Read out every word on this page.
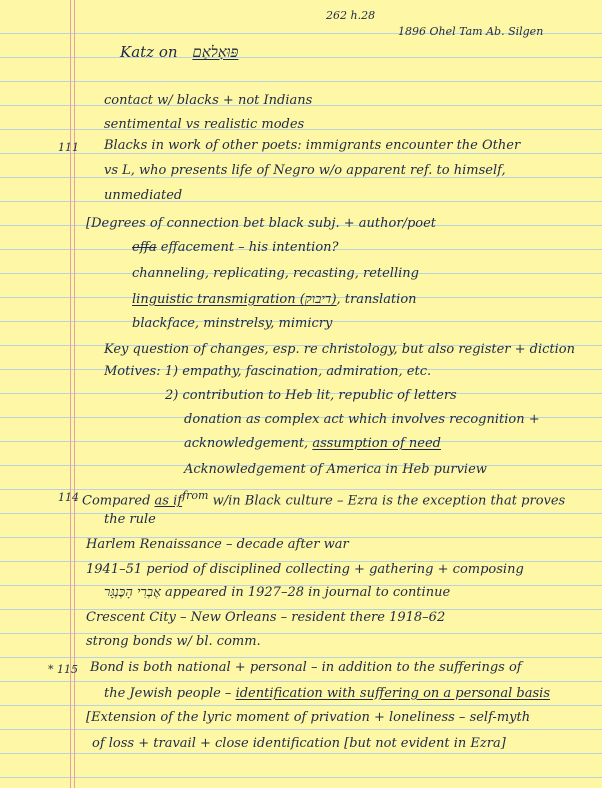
262 h.28
1896 Ohel Tam Ab. Silgen
Katz on פּוּאָלאַם
contact w/ blacks + not Indians
sentimental vs realistic modes
111 Blacks in work of other poets: immigrants encounter the Other
vs L, who presents life of Negro w/o apparent ref. to himself,
unmediated
[Degrees of connection bet black subj. + author/poet
effa effacement – his intention?
channeling, replicating, recasting, retelling
linguistic transmigration (דיבוק), translation
blackface, minstrelsy, mimicry
Key question of changes, esp. re christology, but also register + diction
Motives: 1) empathy, fascination, admiration, etc.
2) contribution to Heb lit, republic of letters
donation as complex act which involves recognition +
acknowledgement, assumption of need
Acknowledgement of America in Heb purview
114 Compared as $if^{from}$ w/in Black culture – Ezra is the exception that proves
the rule
Harlem Renaissance – decade after war
1941–51 period of disciplined collecting + gathering + composing
אֶבְרִי הָכֶּנְגָּר appeared in 1927–28 in journal to continue
Crescent City – New Orleans – resident there 1918–62
strong bonds w/ bl. comm.
* 115 Bond is both national + personal – in addition to the sufferings of
the Jewish people – identification with suffering on a personal basis
[Extension of the lyric moment of privation + loneliness – self-myth
of loss + travail + close identification [but not evident in Ezra]
